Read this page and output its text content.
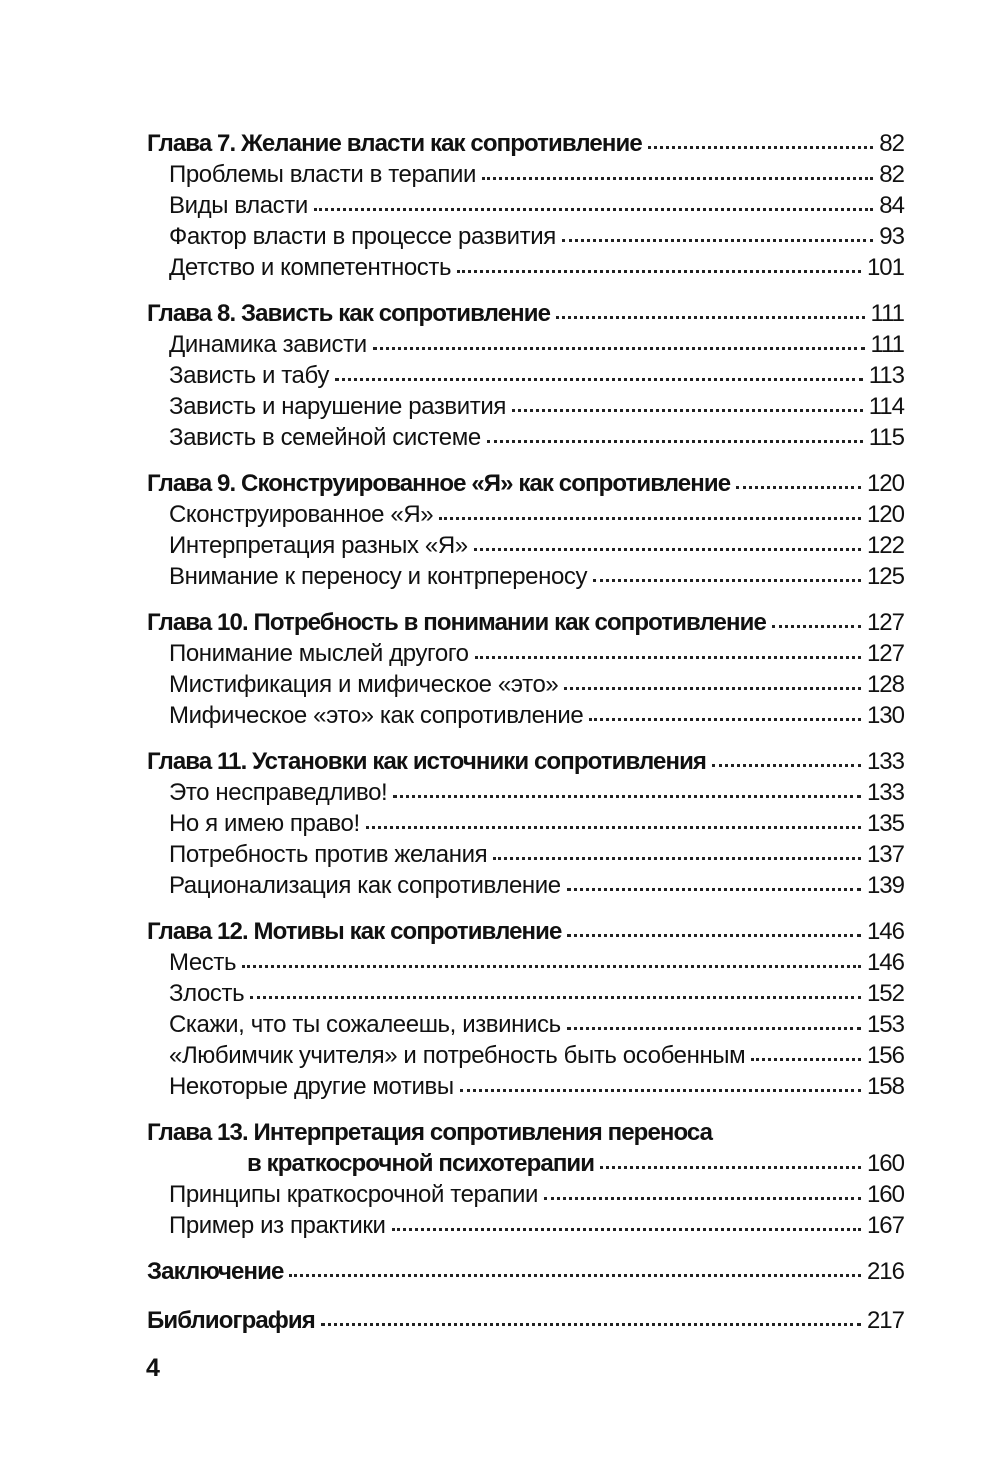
Глава 7. Желание власти как сопротивление	82
Проблемы власти в терапии	82
Виды власти	84
Фактор власти в процессе развития	93
Детство и компетентность	101
Глава 8. Зависть как сопротивление	111
Динамика зависти	111
Зависть и табу	113
Зависть и нарушение развития	114
Зависть в семейной системе	115
Глава 9. Сконструированное «Я» как сопротивление	120
Сконструированное «Я»	120
Интерпретация разных «Я»	122
Внимание к переносу и контрпереносу	125
Глава 10. Потребность в понимании как сопротивление	127
Понимание мыслей другого	127
Мистификация и мифическое «это»	128
Мифическое «это» как сопротивление	130
Глава 11. Установки как источники сопротивления	133
Это несправедливо!	133
Но я имею право!	135
Потребность против желания	137
Рационализация как сопротивление	139
Глава 12. Мотивы как сопротивление	146
Месть	146
Злость	152
Скажи, что ты сожалеешь, извинись	153
«Любимчик учителя» и потребность быть особенным	156
Некоторые другие мотивы	158
Глава 13. Интерпретация сопротивления переноса
в краткосрочной психотерапии	160
Принципы краткосрочной терапии	160
Пример из практики	167
Заключение	216
Библиография	217
4
